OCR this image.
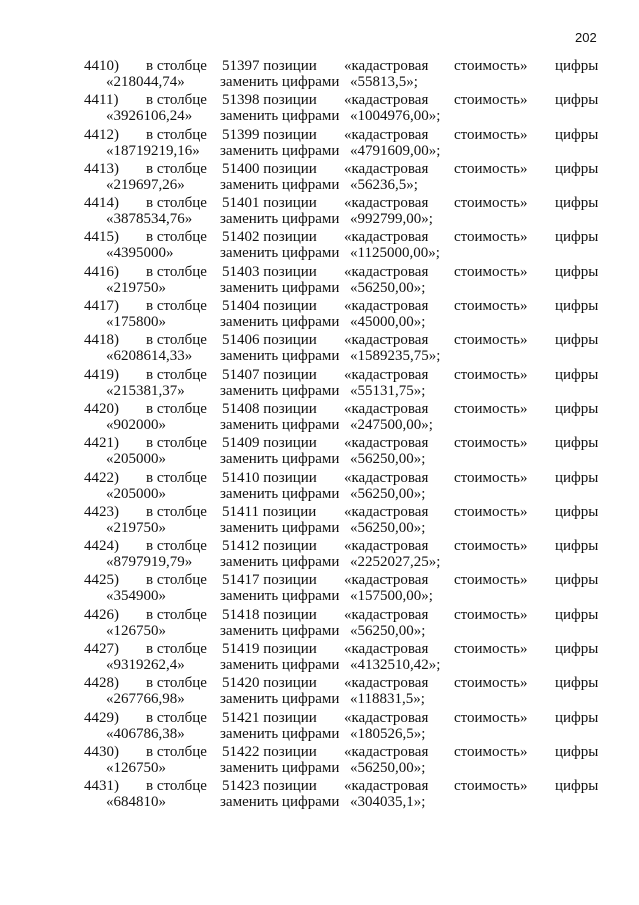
202
4410) в столбце 51397 позиции «кадастровая стоимость» цифры
«218044,74» заменить цифрами «55813,5»;
4411) в столбце 51398 позиции «кадастровая стоимость» цифры
«3926106,24» заменить цифрами «1004976,00»;
4412) в столбце 51399 позиции «кадастровая стоимость» цифры
«18719219,16» заменить цифрами «4791609,00»;
4413) в столбце 51400 позиции «кадастровая стоимость» цифры
«219697,26» заменить цифрами «56236,5»;
4414) в столбце 51401 позиции «кадастровая стоимость» цифры
«3878534,76» заменить цифрами «992799,00»;
4415) в столбце 51402 позиции «кадастровая стоимость» цифры
«4395000»	заменить цифрами «1125000,00»;
4416) в столбце 51403 позиции «кадастровая стоимость» цифры
«219750»	заменить цифрами «56250,00»;
4417) в столбце 51404 позиции «кадастровая стоимость» цифры
«175800»	заменить цифрами «45000,00»;
4418) в столбце 51406 позиции «кадастровая стоимость» цифры
«6208614,33» заменить цифрами «1589235,75»;
4419) в столбце 51407 позиции «кадастровая стоимость» цифры
«215381,37» заменить цифрами «55131,75»;
4420) в столбце 51408 позиции «кадастровая стоимость» цифры
«902000»	заменить цифрами «247500,00»;
4421) в столбце 51409 позиции «кадастровая стоимость» цифры
«205000»	заменить цифрами «56250,00»;
4422) в столбце 51410 позиции «кадастровая стоимость» цифры
«205000»	заменить цифрами «56250,00»;
4423) в столбце 51411 позиции «кадастровая стоимость» цифры
«219750»	заменить цифрами «56250,00»;
4424) в столбце 51412 позиции «кадастровая стоимость» цифры
«8797919,79» заменить цифрами «2252027,25»;
4425) в столбце 51417 позиции «кадастровая стоимость» цифры
«354900»	заменить цифрами «157500,00»;
4426) в столбце 51418 позиции «кадастровая стоимость» цифры
«126750»	заменить цифрами «56250,00»;
4427) в столбце 51419 позиции «кадастровая стоимость» цифры
«9319262,4» заменить цифрами «4132510,42»;
4428) в столбце 51420 позиции «кадастровая стоимость» цифры
«267766,98» заменить цифрами «118831,5»;
4429) в столбце 51421 позиции «кадастровая стоимость» цифры
«406786,38» заменить цифрами «180526,5»;
4430) в столбце 51422 позиции «кадастровая стоимость» цифры
«126750»	заменить цифрами «56250,00»;
4431) в столбце 51423 позиции «кадастровая стоимость» цифры
«684810»	заменить цифрами «304035,1»;
